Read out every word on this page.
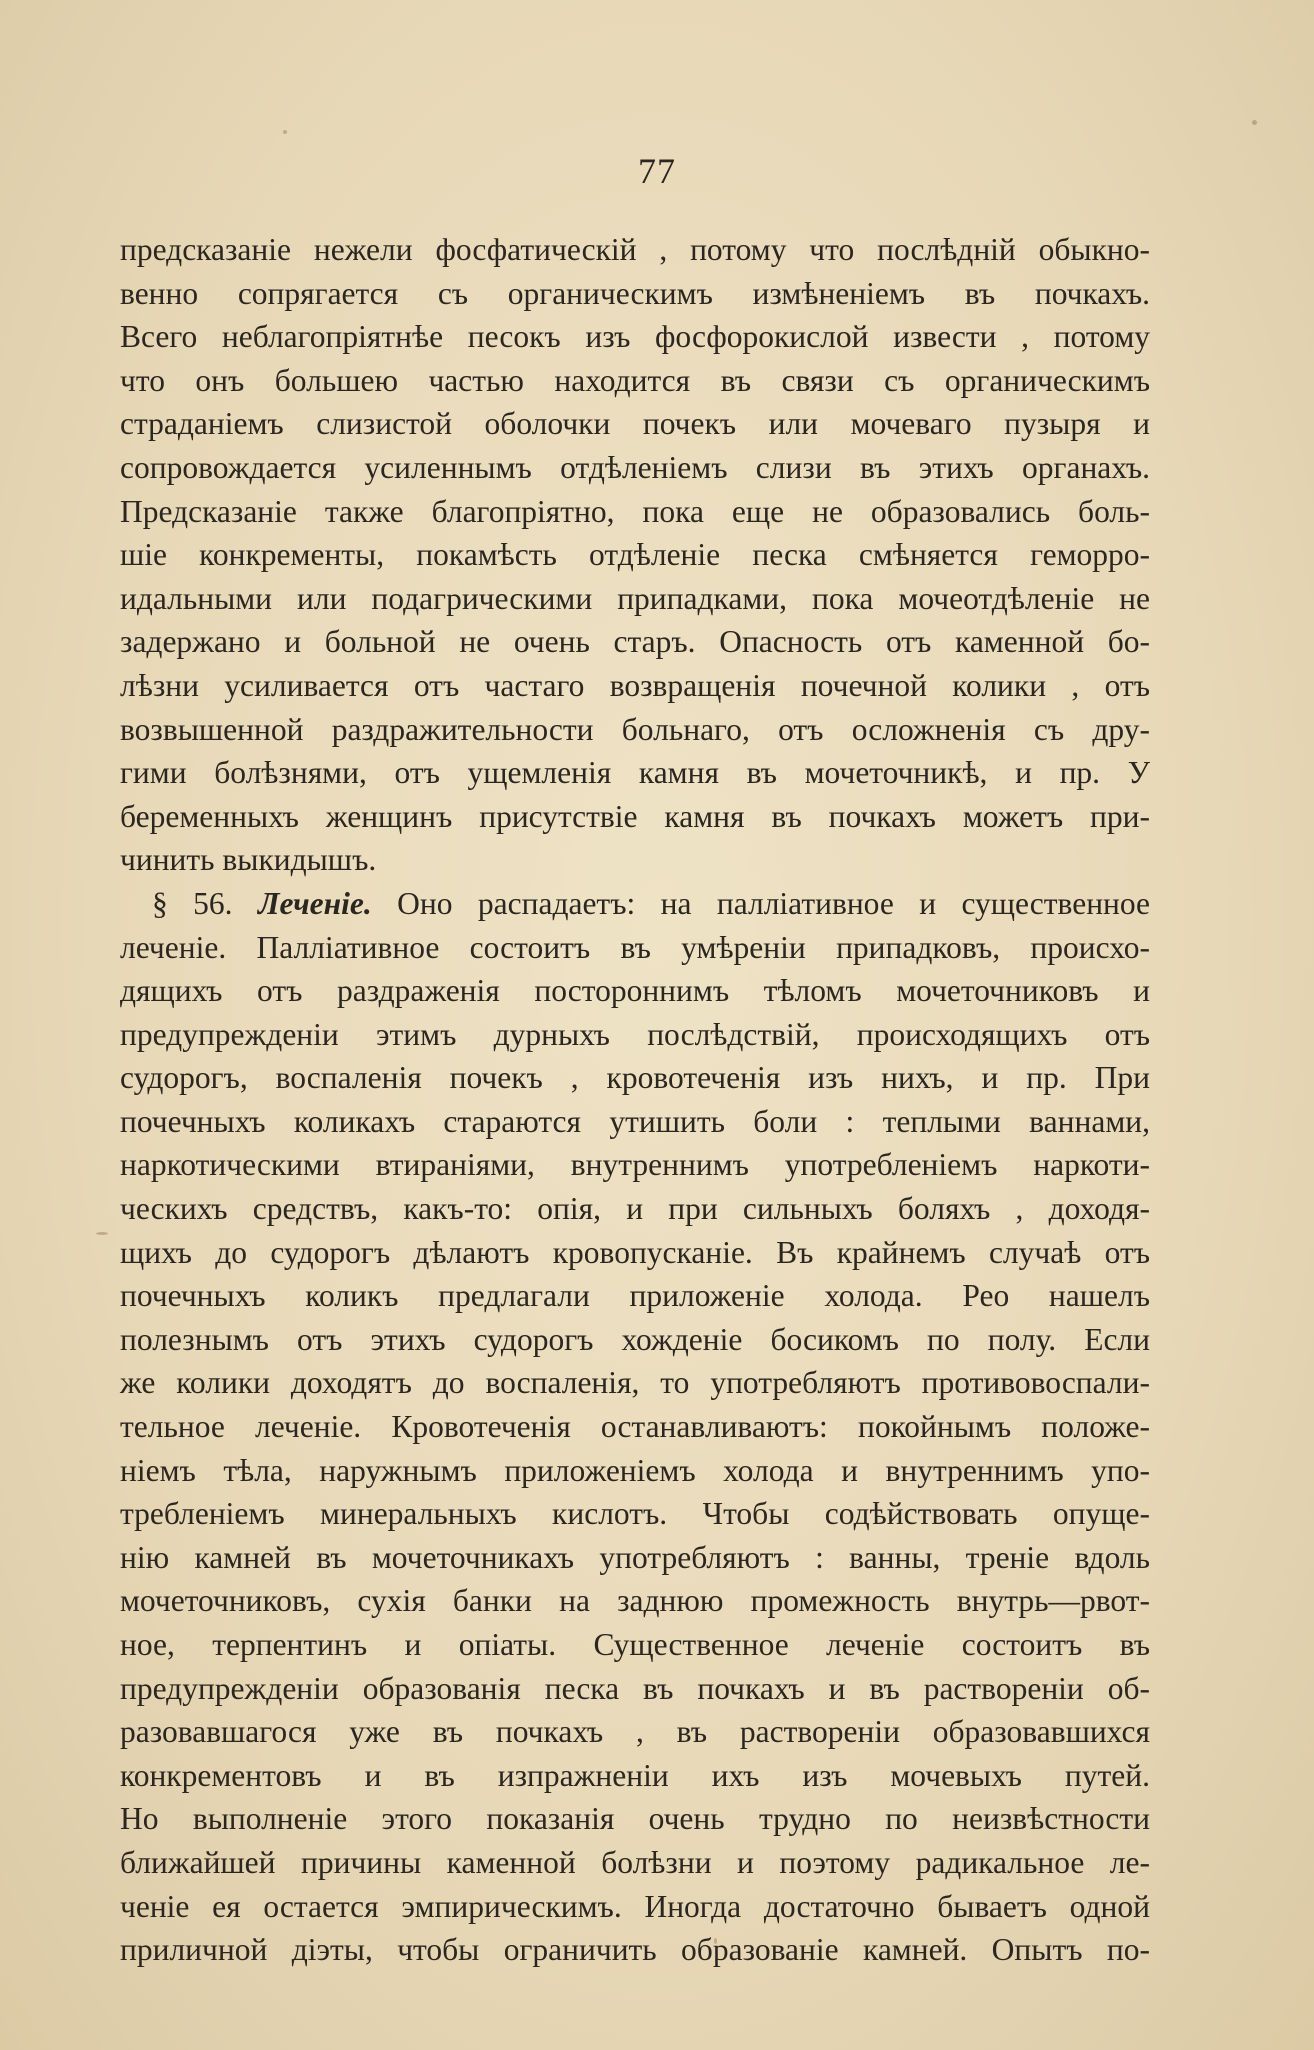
77
предсказаніе нежели фосфатическій , потому что послѣдній обыкно-
венно сопрягается съ органическимъ измѣненіемъ въ почкахъ.
Всего неблагопріятнѣе песокъ изъ фосфорокислой извести , потому
что онъ большею частью находится въ связи съ органическимъ
страданіемъ слизистой оболочки почекъ или мочеваго пузыря и
сопровождается усиленнымъ отдѣленіемъ слизи въ этихъ органахъ.
Предсказаніе также благопріятно, пока еще не образовались боль-
шіе конкременты, покамѣсть отдѣленіе песка смѣняется геморро-
идальными или подагрическими припадками, пока мочеотдѣленіе не
задержано и больной не очень старъ. Опасность отъ каменной бо-
лѣзни усиливается отъ частаго возвращенія почечной колики , отъ
возвышенной раздражительности больнаго, отъ осложненія съ дру-
гими болѣзнями, отъ ущемленія камня въ мочеточникѣ, и пр. У
беременныхъ женщинъ присутствіе камня въ почкахъ можетъ при-
чинить выкидышъ.
§ 56. Леченіе. Оно распадаетъ: на палліативное и существенное
леченіе. Палліативное состоитъ въ умѣреніи припадковъ, происхо-
дящихъ отъ раздраженія постороннимъ тѣломъ мочеточниковъ и
предупрежденіи этимъ дурныхъ послѣдствій, происходящихъ отъ
судорогъ, воспаленія почекъ , кровотеченія изъ нихъ, и пр. При
почечныхъ коликахъ стараются утишить боли : теплыми ваннами,
наркотическими втираніями, внутреннимъ употребленіемъ наркоти-
ческихъ средствъ, какъ-то: опія, и при сильныхъ боляхъ , доходя-
щихъ до судорогъ дѣлаютъ кровопусканіе. Въ крайнемъ случаѣ отъ
почечныхъ коликъ предлагали приложеніе холода. Рео нашелъ
полезнымъ отъ этихъ судорогъ хожденіе босикомъ по полу. Если
же колики доходятъ до воспаленія, то употребляютъ противовоспали-
тельное леченіе. Кровотеченія останавливаютъ: покойнымъ положе-
ніемъ тѣла, наружнымъ приложеніемъ холода и внутреннимъ упо-
требленіемъ минеральныхъ кислотъ. Чтобы содѣйствовать опуще-
нію камней въ мочеточникахъ употребляютъ : ванны, треніе вдоль
мочеточниковъ, сухія банки на заднюю промежность внутрь—рвот-
ное, терпентинъ и опіаты. Существенное леченіе состоитъ въ
предупрежденіи образованія песка въ почкахъ и въ раствореніи об-
разовавшагося уже въ почкахъ , въ раствореніи образовавшихся
конкрементовъ и въ изпражненіи ихъ изъ мочевыхъ путей.
Но выполненіе этого показанія очень трудно по неизвѣстности
ближайшей причины каменной болѣзни и поэтому радикальное ле-
ченіе ея остается эмпирическимъ. Иногда достаточно бываетъ одной
приличной діэты, чтобы ограничить образованіе камней. Опытъ по-
